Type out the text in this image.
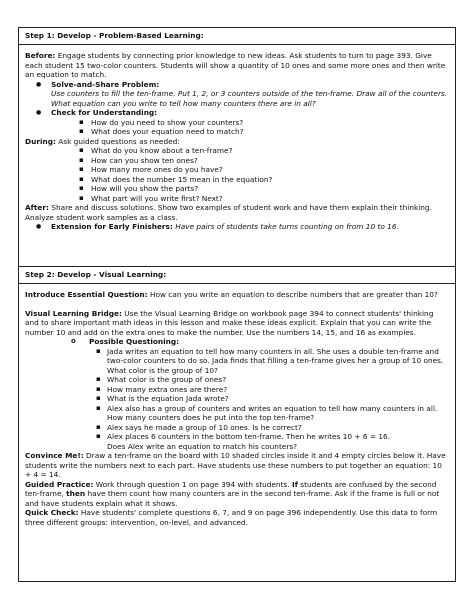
Step 1: Develop - Problem-Based Learning:

Before: Engage students by connecting prior knowledge to new ideas. Ask students to turn to page 393. Give each student 15 two-color counters. Students will show a quantity of 10 ones and some more ones and then write an equation to match.

● Solve-and-Share Problem:
Use counters to fill the ten-frame. Put 1, 2, or 3 counters outside of the ten-frame. Draw all of the counters. What equation can you write to tell how many counters there are in all?
● Check for Understanding:
▪ How do you need to show your counters?
▪ What does your equation need to match?

During: Ask guided questions as needed:

▪ What do you know about a ten-frame?
▪ How can you show ten ones?
▪ How many more ones do you have?
▪ What does the number 15 mean in the equation?
▪ How will you show the parts?
▪ What part will you write first? Next?

After: Share and discuss solutions. Show two examples of student work and have them explain their thinking. Analyze student work samples as a class.

● Extension for Early Finishers: Have pairs of students take turns counting on from 10 to 16.
Step 2: Develop - Visual Learning:

Introduce Essential Question: How can you write an equation to describe numbers that are greater than 10?

Visual Learning Bridge: Use the Visual Learning Bridge on workbook page 394 to connect students' thinking and to share important math ideas in this lesson and make these ideas explicit. Explain that you can write the number 10 and add on the extra ones to make the number. Use the numbers 14, 15, and 16 as examples.

o Possible Questioning:
▪ Jada writes an equation to tell how many counters in all. She uses a double ten-frame and two-color counters to do so. Jada finds that filling a ten-frame gives her a group of 10 ones. What color is the group of 10?
▪ What color is the group of ones?
▪ How many extra ones are there?
▪ What is the equation Jada wrote?
▪ Alex also has a group of counters and writes an equation to tell how many counters in all. How many counters does he put into the top ten-frame?
▪ Alex says he made a group of 10 ones. Is he correct?
▪ Alex places 6 counters in the bottom ten-frame. Then he writes 10 + 6 = 16.
Does Alex write an equation to match his counters?

Convince Me!: Draw a ten-frame on the board with 10 shaded circles inside it and 4 empty circles below it. Have students write the numbers next to each part. Have students use these numbers to put together an equation: 10 + 4 = 14.

Guided Practice: Work through question 1 on page 394 with students. If students are confused by the second ten-frame, then have them count how many counters are in the second ten-frame. Ask if the frame is full or not and have students explain what it shows.

Quick Check: Have students' complete questions 6, 7, and 9 on page 396 independently. Use this data to form three different groups: intervention, on-level, and advanced.
